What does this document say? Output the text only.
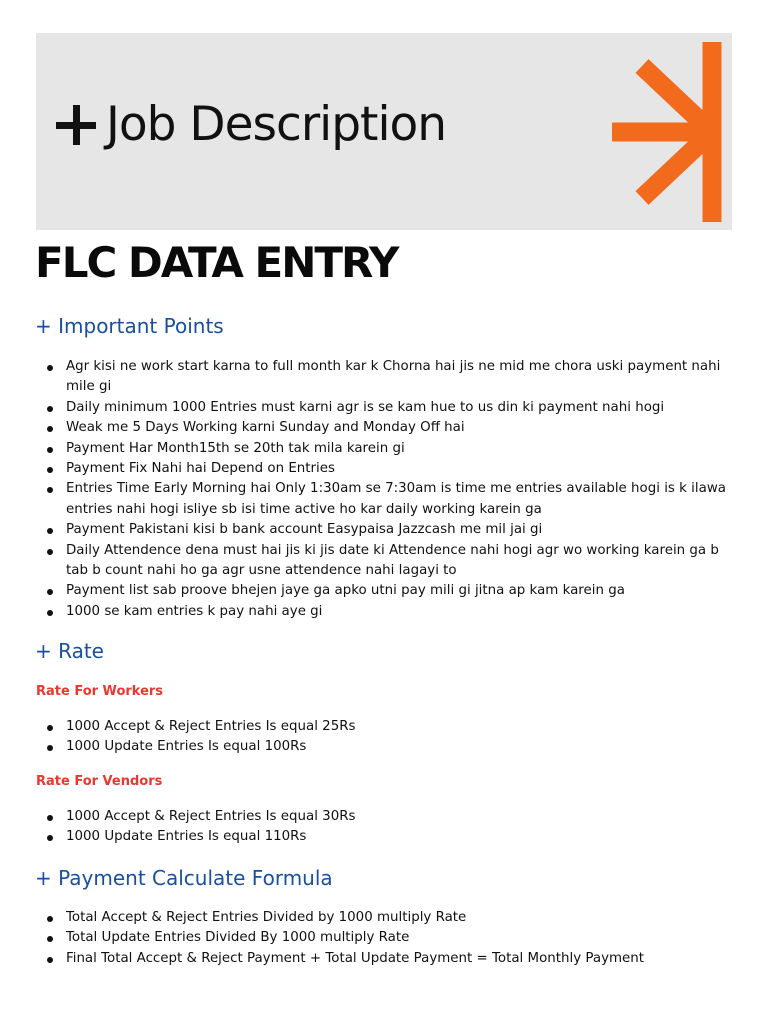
Job Description
FLC DATA ENTRY
+ Important Points
Agr kisi ne work start karna to full month kar k Chorna hai jis ne mid me chora uski payment nahi mile gi
Daily minimum 1000 Entries must karni agr is se kam hue to us din ki payment nahi hogi
Weak me 5 Days Working karni Sunday and Monday Off hai
Payment Har Month15th se 20th tak mila karein gi
Payment Fix Nahi hai Depend on Entries
Entries Time Early Morning hai Only 1:30am se 7:30am is time me entries available hogi is k ilawa entries nahi hogi isliye sb isi time active ho kar daily working karein ga
Payment Pakistani kisi b bank account Easypaisa Jazzcash me mil jai gi
Daily Attendence dena must hai jis ki jis date ki Attendence nahi hogi agr wo working karein ga b tab b count nahi ho ga agr usne attendence nahi lagayi to
Payment list sab proove bhejen jaye ga apko utni pay mili gi jitna ap kam karein ga
1000 se kam entries k pay nahi aye gi
+ Rate
Rate For Workers
1000 Accept & Reject Entries Is equal 25Rs
1000 Update Entries Is equal 100Rs
Rate For Vendors
1000 Accept & Reject Entries Is equal 30Rs
1000 Update Entries Is equal 110Rs
+ Payment Calculate Formula
Total Accept & Reject Entries Divided by 1000 multiply Rate
Total Update Entries Divided By 1000 multiply Rate
Final Total Accept & Reject Payment + Total Update Payment = Total Monthly Payment
